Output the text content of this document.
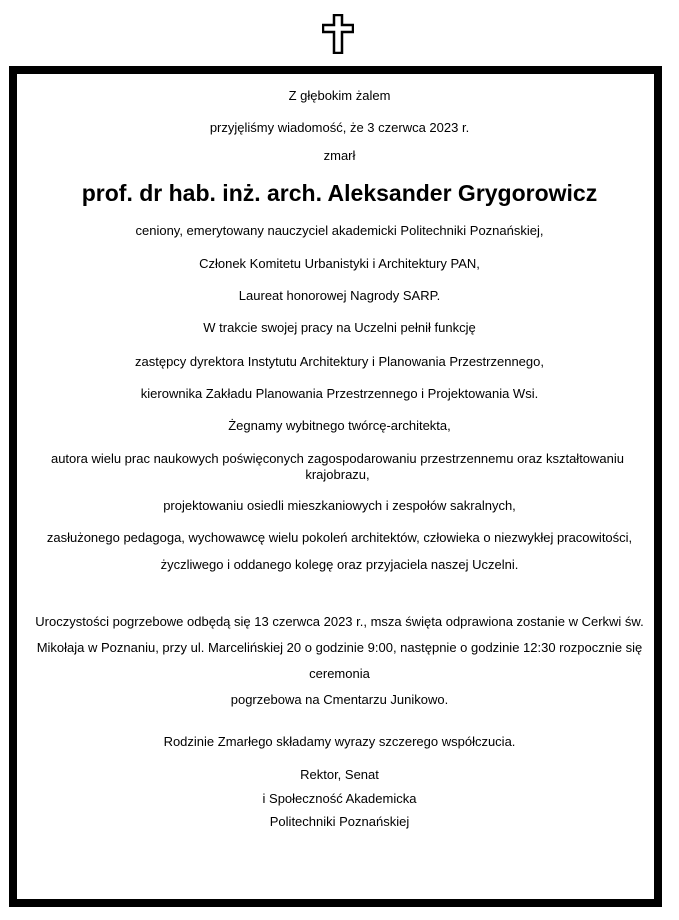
Z głębokim żalem
przyjęliśmy wiadomość, że 3 czerwca 2023 r.
zmarł
prof. dr hab. inż. arch. Aleksander Grygorowicz
ceniony, emerytowany nauczyciel akademicki Politechniki Poznańskiej,
Członek Komitetu Urbanistyki i Architektury PAN,
Laureat honorowej Nagrody SARP.
W trakcie swojej pracy na Uczelni pełnił funkcję
zastępcy dyrektora Instytutu Architektury i Planowania Przestrzennego,
kierownika Zakładu Planowania Przestrzennego i Projektowania Wsi.
Żegnamy wybitnego twórcę-architekta,
autora wielu prac naukowych poświęconych zagospodarowaniu przestrzennemu oraz kształtowaniu krajobrazu,
projektowaniu osiedli mieszkaniowych i zespołów sakralnych,
zasłużonego pedagoga, wychowawcę wielu pokoleń architektów, człowieka o niezwykłej pracowitości,
życzliwego i oddanego kolegę oraz przyjaciela naszej Uczelni.
Uroczystości pogrzebowe odbędą się 13 czerwca 2023 r., msza święta odprawiona zostanie w Cerkwi św.
Mikołaja w Poznaniu, przy ul. Marcelińskiej 20 o godzinie 9:00, następnie o godzinie 12:30 rozpocznie się
ceremonia
pogrzebowa na Cmentarzu Junikowo.
Rodzinie Zmarłego składamy wyrazy szczerego współczucia.
Rektor, Senat
i Społeczność Akademicka
Politechniki Poznańskiej
